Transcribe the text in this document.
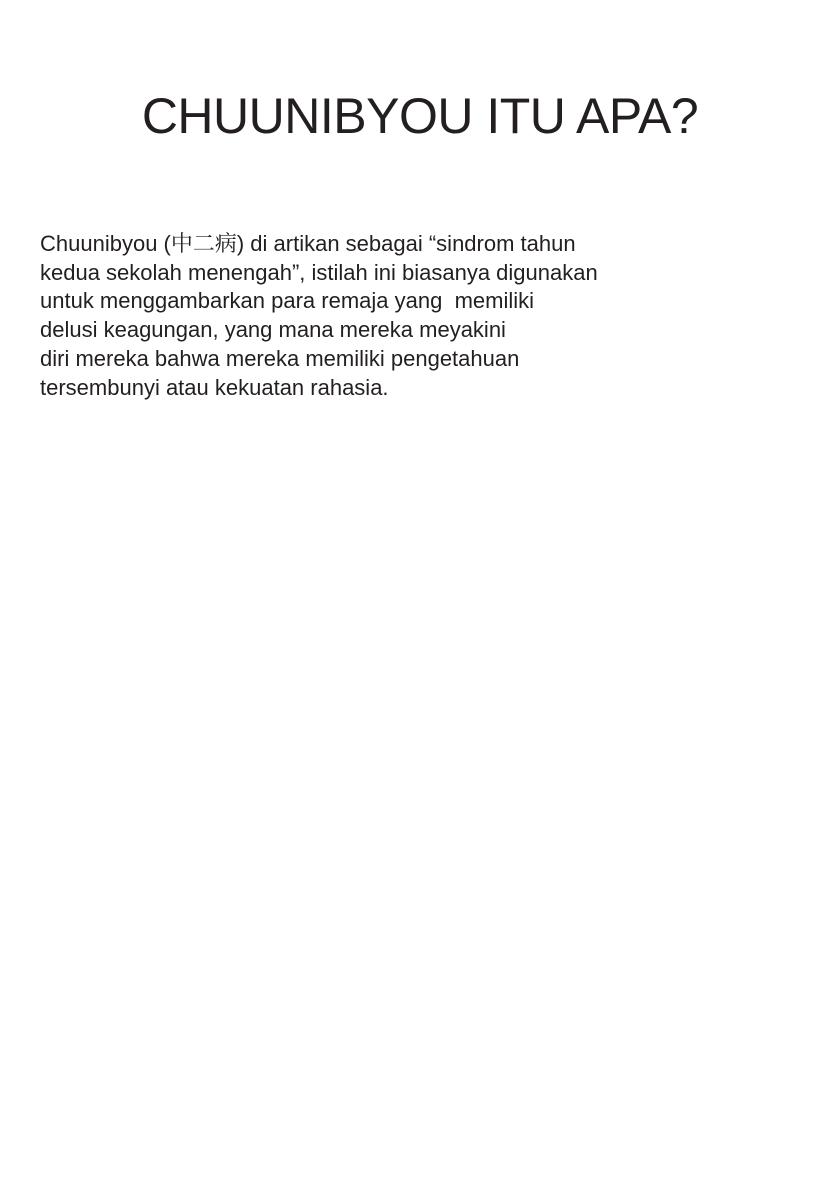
CHUUNIBYOU ITU APA?

Chuunibyou (中二病) di artikan sebagai “sindrom tahun
kedua sekolah menengah”, istilah ini biasanya digunakan
untuk menggambarkan para remaja yang  memiliki
delusi keagungan, yang mana mereka meyakini
diri mereka bahwa mereka memiliki pengetahuan
tersembunyi atau kekuatan rahasia.
